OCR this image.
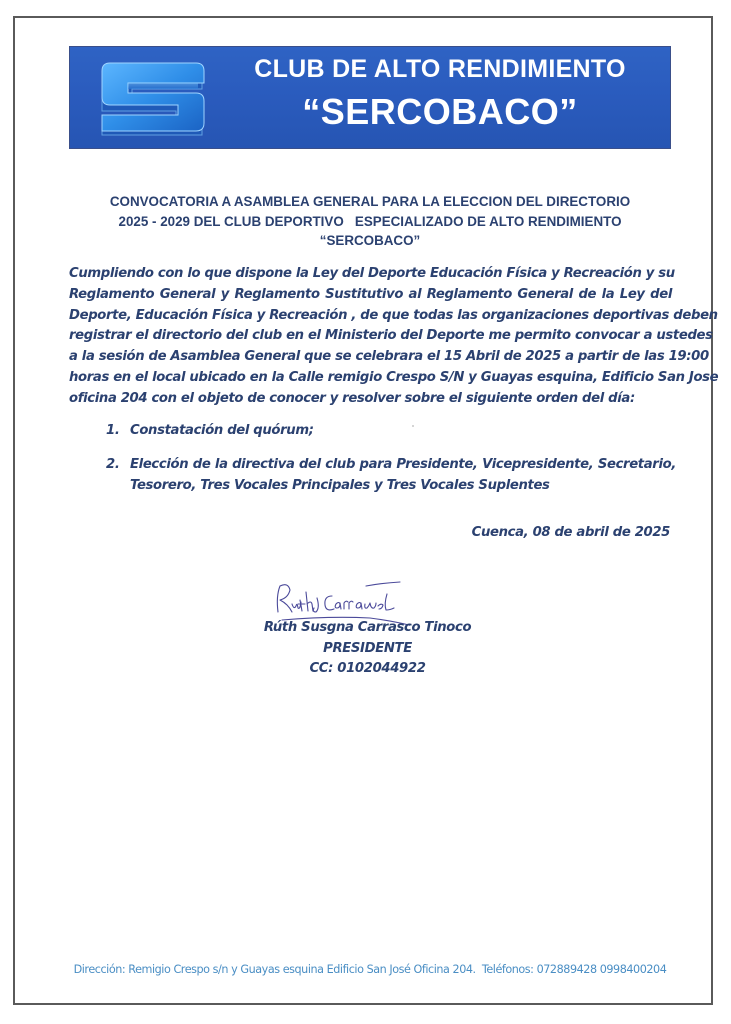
CLUB DE ALTO RENDIMIENTO
“SERCOBACO”
CONVOCATORIA A ASAMBLEA GENERAL PARA LA ELECCION DEL DIRECTORIO
2025 - 2029 DEL CLUB DEPORTIVO   ESPECIALIZADO DE ALTO RENDIMIENTO
“SERCOBACO”
Cumpliendo con lo que dispone la Ley del Deporte Educación Física y Recreación y su
Reglamento General y Reglamento Sustitutivo al Reglamento General de la Ley del
Deporte, Educación Física y Recreación , de que todas las organizaciones deportivas deben
registrar el directorio del club en el Ministerio del Deporte me permito convocar a ustedes
a la sesión de Asamblea General que se celebrara el 15 Abril de 2025 a partir de las 19:00
horas en el local ubicado en la Calle remigio Crespo S/N y Guayas esquina, Edificio San Jose
oficina 204 con el objeto de conocer y resolver sobre el siguiente orden del día:
1. Constatación del quórum;
2. Elección de la directiva del club para Presidente, Vicepresidente, Secretario,
Tesorero, Tres Vocales Principales y Tres Vocales Suplentes
Cuenca, 08 de abril de 2025
Rúth Susgna Carrasco Tinoco
PRESIDENTE
CC: 0102044922
Dirección: Remigio Crespo s/n y Guayas esquina Edificio San José Oficina 204.  Teléfonos: 072889428 0998400204
